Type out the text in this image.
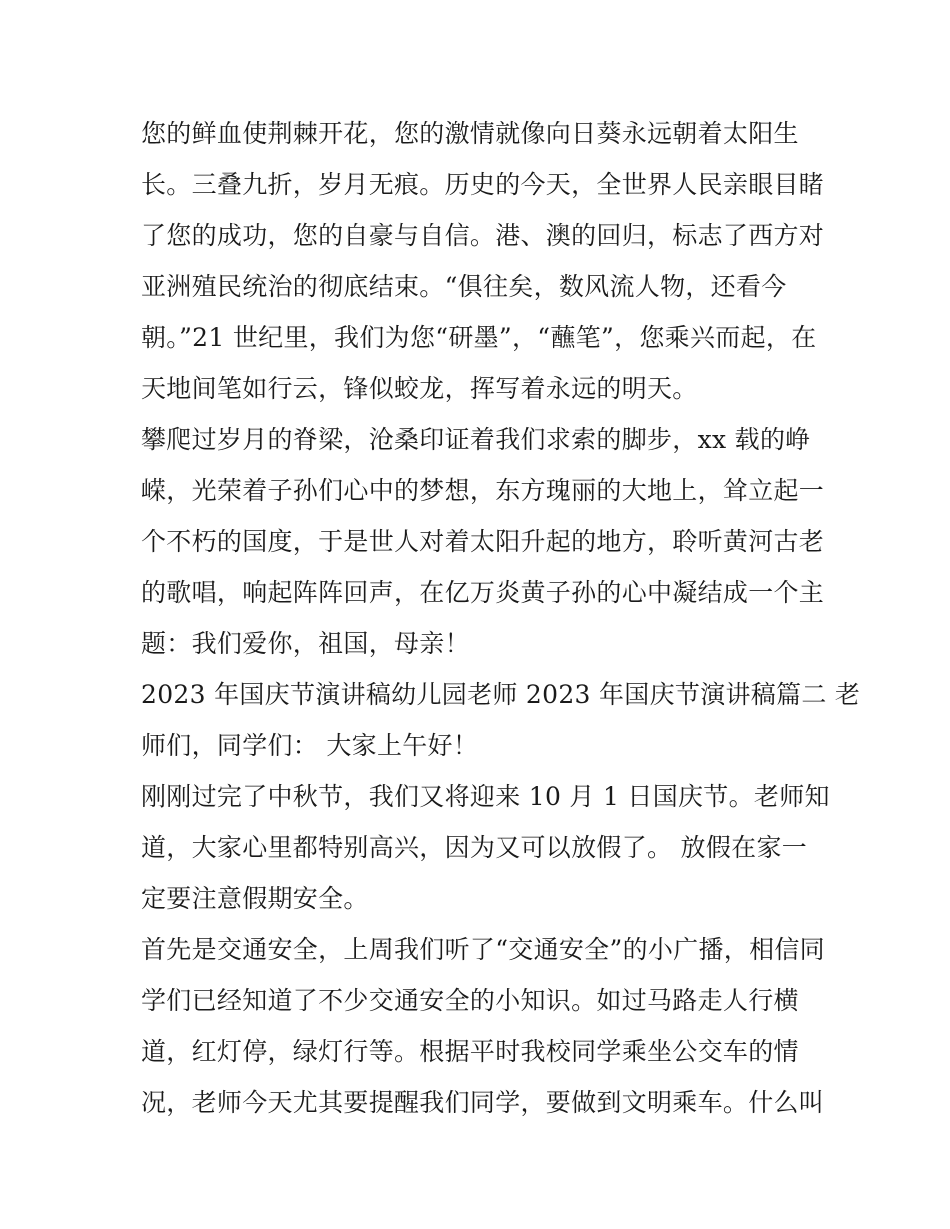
您的鲜血使荆棘开花，您的激情就像向日葵永远朝着太阳生
长。三叠九折，岁月无痕。历史的今天，全世界人民亲眼目睹
了您的成功，您的自豪与自信。港、澳的回归，标志了西方对
亚洲殖民统治的彻底结束。“俱往矣，数风流人物，还看今
朝。”21 世纪里，我们为您“研墨”，“蘸笔”，您乘兴而起，在
天地间笔如行云，锋似蛟龙，挥写着永远的明天。
攀爬过岁月的脊梁，沧桑印证着我们求索的脚步，xx 载的峥
嵘，光荣着子孙们心中的梦想，东方瑰丽的大地上，耸立起一
个不朽的国度，于是世人对着太阳升起的地方，聆听黄河古老
的歌唱，响起阵阵回声，在亿万炎黄子孙的心中凝结成一个主
题：我们爱你，祖国，母亲！
2023 年国庆节演讲稿幼儿园老师 2023 年国庆节演讲稿篇二 老
师们，同学们： 大家上午好！
刚刚过完了中秋节，我们又将迎来 10 月 1 日国庆节。老师知
道，大家心里都特别高兴，因为又可以放假了。 放假在家一
定要注意假期安全。
首先是交通安全，上周我们听了“交通安全”的小广播，相信同
学们已经知道了不少交通安全的小知识。如过马路走人行横
道，红灯停，绿灯行等。根据平时我校同学乘坐公交车的情
况，老师今天尤其要提醒我们同学，要做到文明乘车。什么叫
